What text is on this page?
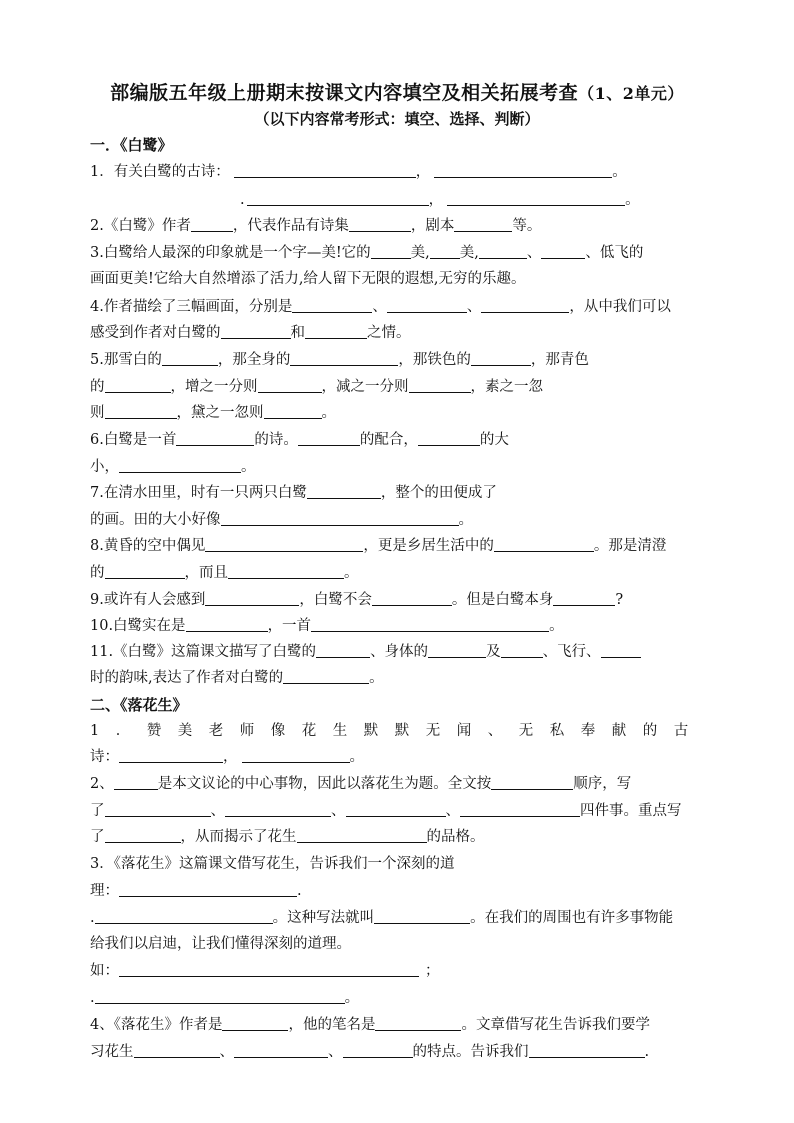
部编版五年级上册期末按课文内容填空及相关拓展考查（1、2单元）
（以下内容常考形式：填空、选择、判断）
一．《白鹭》
1．有关白鹭的古诗：	，	。
.	，	。
2.《白鹭》作者	，代表作品有诗集	，剧本	等。
3.白鹭给人最深的印象就是一个字—美!它的	美, 美,	、	、低飞的
画面更美!它给大自然增添了活力,给人留下无限的遐想,无穷的乐趣。
4.作者描绘了三幅画面，分别是	、	、	，从中我们可以
感受到作者对白鹭的	和	之情。
5.那雪白的	，那全身的	，那铁色的	，那青色
的	，增之一分则	，减之一分则	，素之一忽
则	，黛之一忽则	。
6.白鹭是一首	的诗。	的配合，	的大
小，	。
7.在清水田里，时有一只两只白鹭	，整个的田便成了
的画。田的大小好像	。
8.黄昏的空中偶见	，更是乡居生活中的	。那是清澄
的	，而且	。
9.或许有人会感到	，白鹭不会	。但是白鹭本身	?
10.白鹭实在是	，一首	。
11.《白鹭》这篇课文描写了白鹭的	、身体的	及	、飞行、
时的韵味,表达了作者对白鹭的	。
二、《落花生》
1．赞美老师像花生默默无闻、无私奉献的古
诗：	，	。
2、	是本文议论的中心事物，因此以落花生为题。全文按	顺序，写
了	、	、	、	四件事。重点写
了	，从而揭示了花生	的品格。
3．《落花生》这篇课文借写花生，告诉我们一个深刻的道
理：	.
.	。这种写法就叫	。在我们的周围也有许多事物能
给我们以启迪，让我们懂得深刻的道理。
如：	；
.	。
4、《落花生》作者是	，他的笔名是	。文章借写花生告诉我们要学
习花生	、	、	的特点。告诉我们	.
